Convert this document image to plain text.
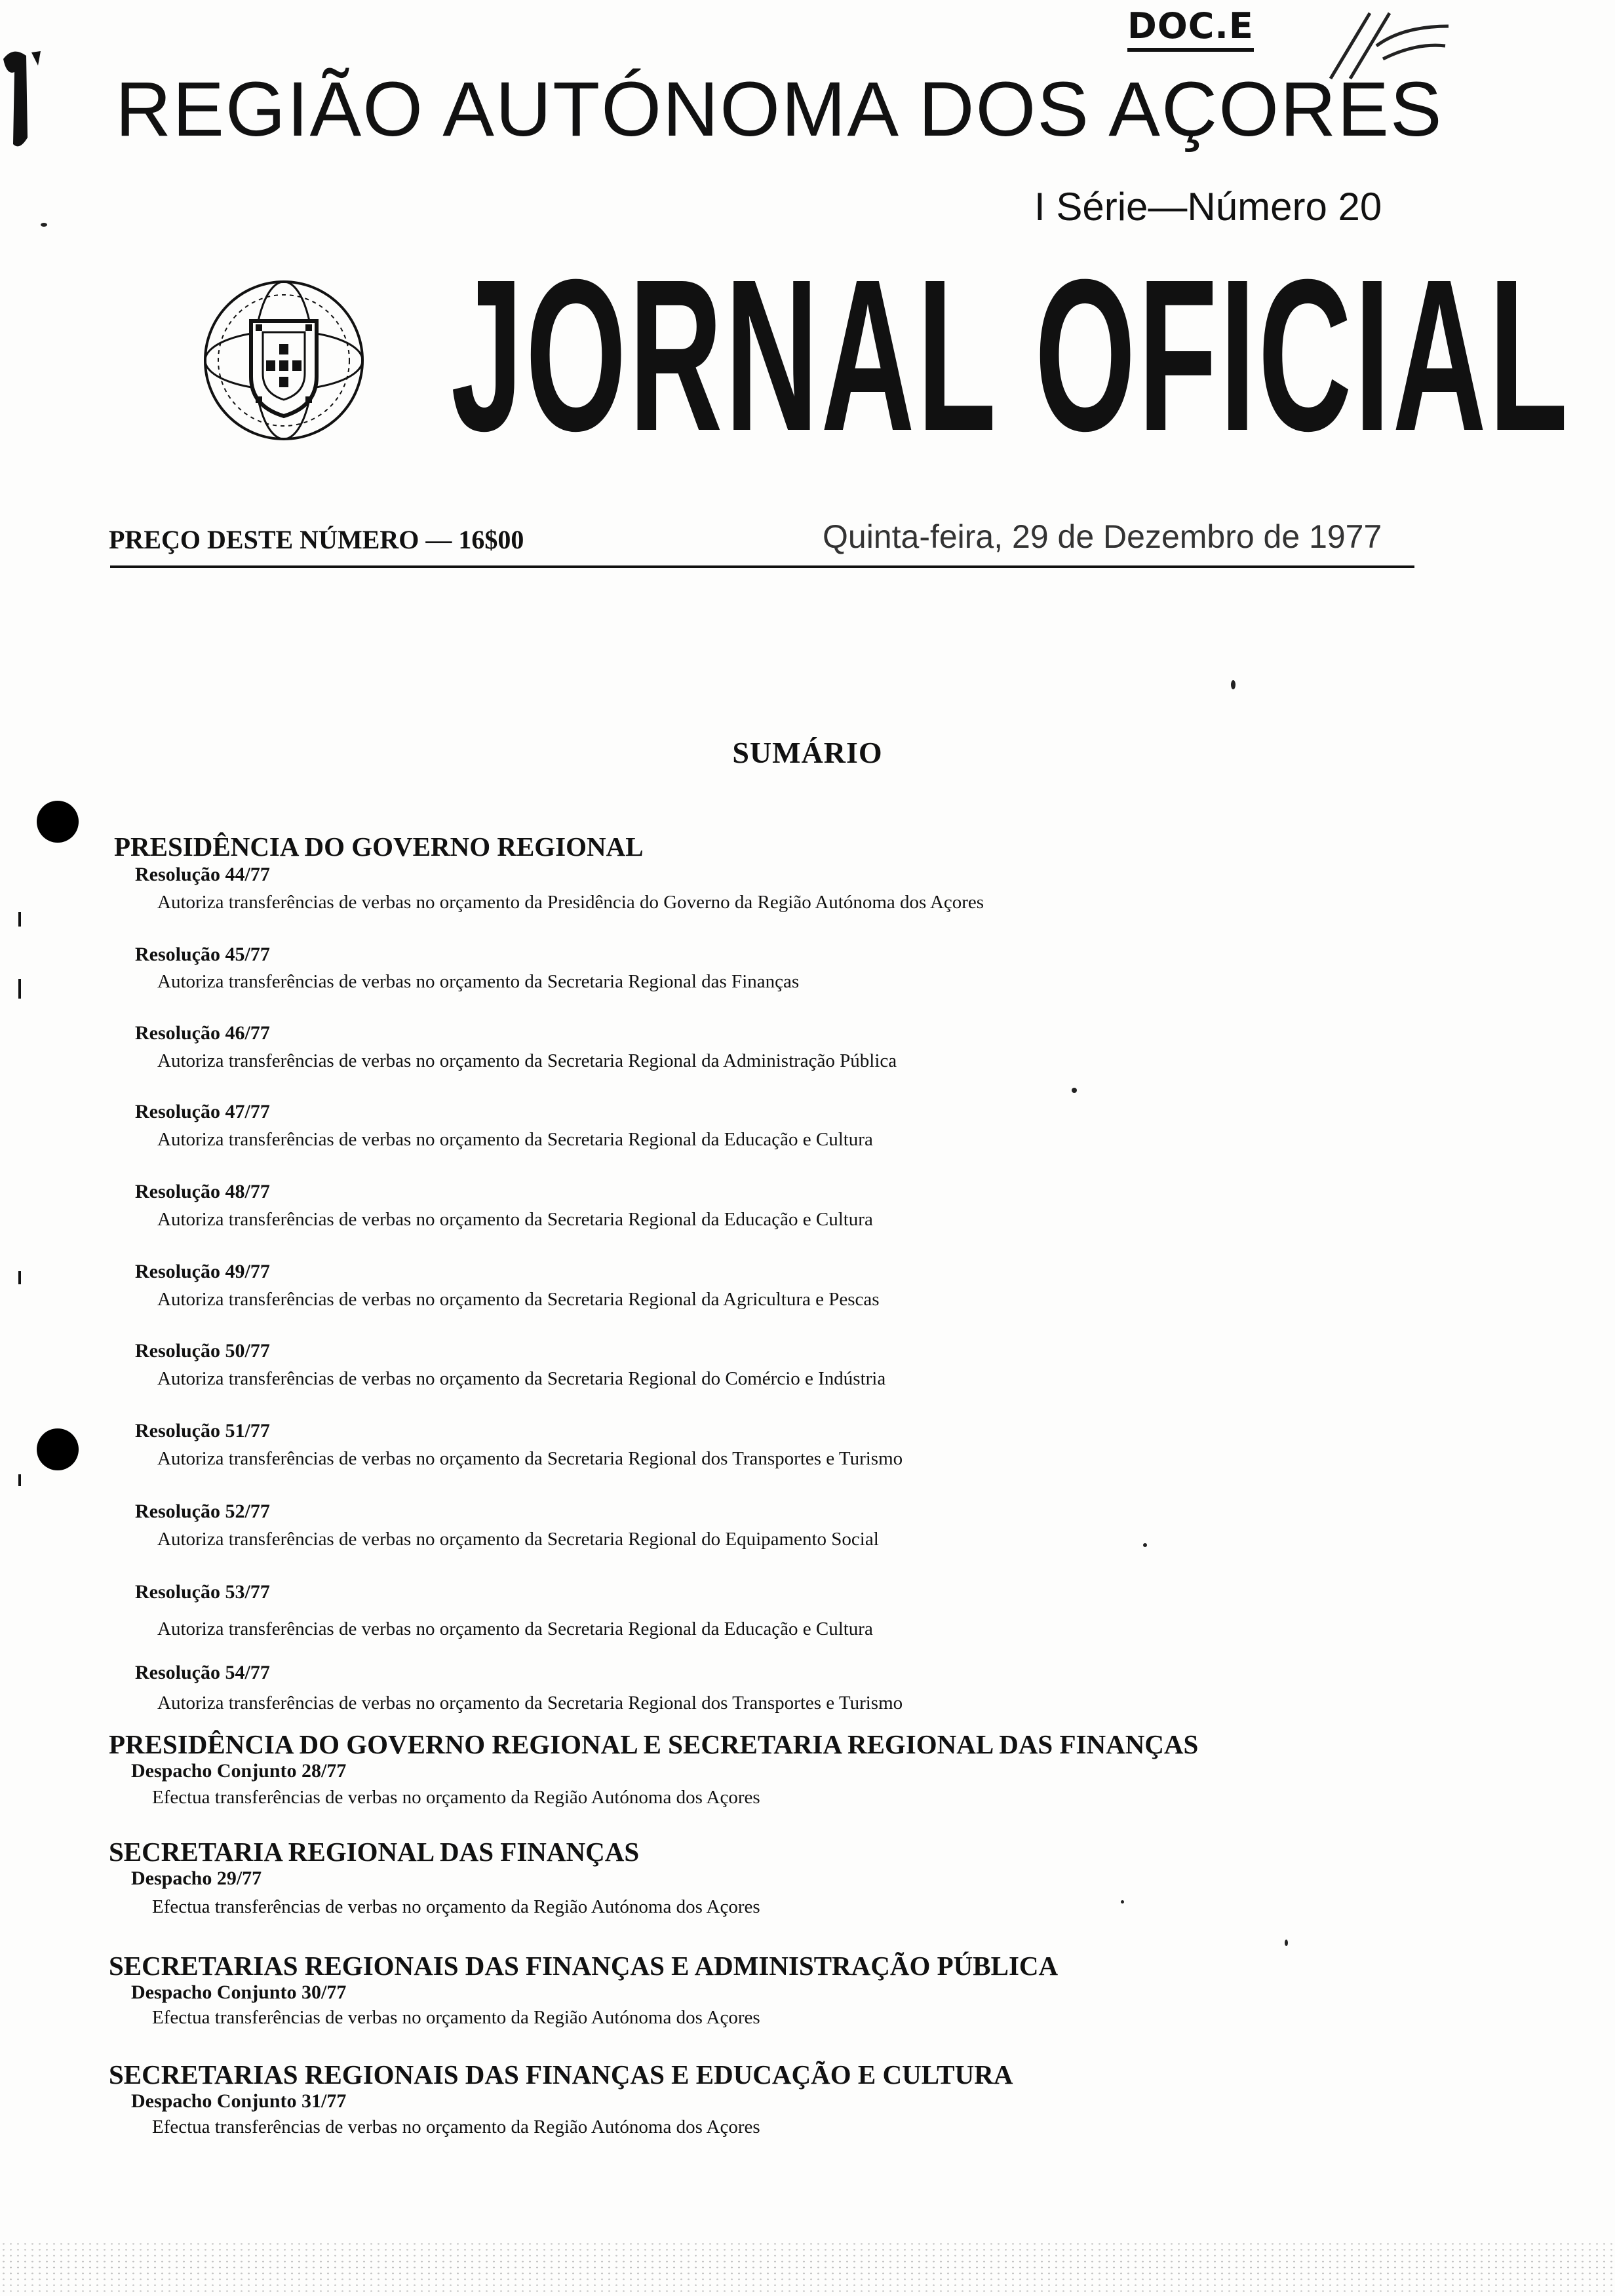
DOC.E
REGIÃO AUTÓNOMA DOS AÇORES
I Série—Número 20
JORNAL OFICIAL
PREÇO DESTE NÚMERO — 16$00	Quinta-feira, 29 de Dezembro de 1977
SUMÁRIO
PRESIDÊNCIA DO GOVERNO REGIONAL
Resolução 44/77
Autoriza transferências de verbas no orçamento da Presidência do Governo da Região Autónoma dos Açores
Resolução 45/77
Autoriza transferências de verbas no orçamento da Secretaria Regional das Finanças
Resolução 46/77
Autoriza transferências de verbas no orçamento da Secretaria Regional da Administração Pública
Resolução 47/77
Autoriza transferências de verbas no orçamento da Secretaria Regional da Educação e Cultura
Resolução 48/77
Autoriza transferências de verbas no orçamento da Secretaria Regional da Educação e Cultura
Resolução 49/77
Autoriza transferências de verbas no orçamento da Secretaria Regional da Agricultura e Pescas
Resolução 50/77
Autoriza transferências de verbas no orçamento da Secretaria Regional do Comércio e Indústria
Resolução 51/77
Autoriza transferências de verbas no orçamento da Secretaria Regional dos Transportes e Turismo
Resolução 52/77
Autoriza transferências de verbas no orçamento da Secretaria Regional do Equipamento Social
Resolução 53/77
Autoriza transferências de verbas no orçamento da Secretaria Regional da Educação e Cultura
Resolução 54/77
Autoriza transferências de verbas no orçamento da Secretaria Regional dos Transportes e Turismo
PRESIDÊNCIA DO GOVERNO REGIONAL E SECRETARIA REGIONAL DAS FINANÇAS
Despacho Conjunto 28/77
Efectua transferências de verbas no orçamento da Região Autónoma dos Açores
SECRETARIA REGIONAL DAS FINANÇAS
Despacho 29/77
Efectua transferências de verbas no orçamento da Região Autónoma dos Açores
SECRETARIAS REGIONAIS DAS FINANÇAS E ADMINISTRAÇÃO PÚBLICA
Despacho Conjunto 30/77
Efectua transferências de verbas no orçamento da Região Autónoma dos Açores
SECRETARIAS REGIONAIS DAS FINANÇAS E EDUCAÇÃO E CULTURA
Despacho Conjunto 31/77
Efectua transferências de verbas no orçamento da Região Autónoma dos Açores
